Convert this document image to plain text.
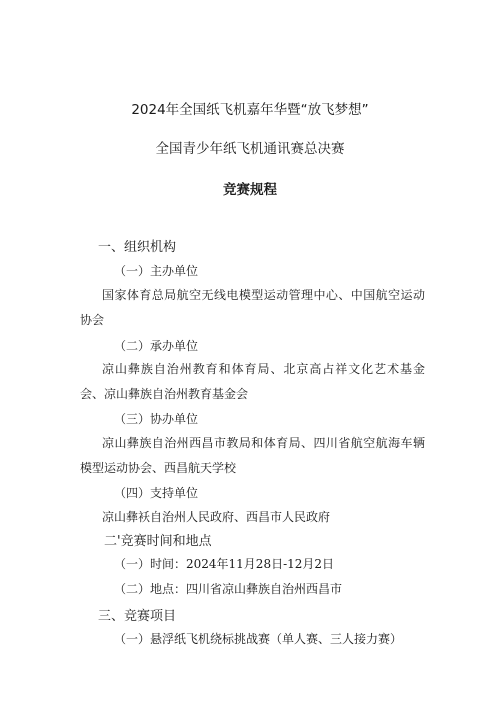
2024年全国纸飞机嘉年华暨“放飞梦想”
全国青少年纸飞机通讯赛总决赛
竞赛规程
一、组织机构
（一）主办单位
国家体育总局航空无线电模型运动管理中心、中国航空运动协会
（二）承办单位
凉山彝族自治州教育和体育局、北京高占祥文化艺术基金会、凉山彝族自治州教育基金会
（三）协办单位
凉山彝族自治州西昌市教局和体育局、四川省航空航海车辆模型运动协会、西昌航天学校
（四）支持单位
凉山彝袄自治州人民政府、西昌市人民政府
二'竞赛时间和地点
（一）时间：2024年11月28日-12月2日
（二）地点：四川省凉山彝族自治州西昌市
三、竞赛项目
（一）悬浮纸飞机绕标挑战赛（单人赛、三人接力赛）
